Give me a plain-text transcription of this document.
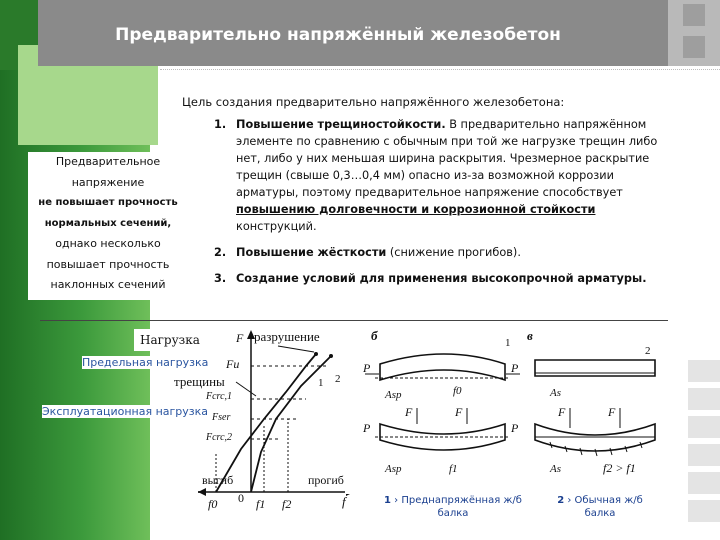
Предварительно напряжённый железобетон
Цель создания предварительно напряжённого железобетона:
1. Повышение трещиностойкости. В предварительно напряжённом элементе по сравнению с обычным при той же нагрузке трещин либо нет, либо у них меньшая ширина раскрытия. Чрезмерное раскрытие трещин (свыше 0,3…0,4 мм) опасно из-за возможной коррозии арматуры, поэтому предварительное напряжение способствует повышению долговечности и коррозионной стойкости конструкций.
2. Повышение жёсткости (снижение прогибов).
3. Создание условий для применения высокопрочной арматуры.
Предварительное
напряжение
не повышает прочность
нормальных сечений,
однако несколько
повышает прочность
наклонных сечений
разрушение
трещины
F
Fu
Fcrc,1
Fser
Fcrc,2
1 2
выгиб	прогиб
f
f0 0 f1 f2
Нагрузка
Предельная нагрузка
Эксплуатационная нагрузка
б	в
P	P
Asp	f0
1
F	F
P	P
Asp	f1
2
As
F	F
As	f2 > f1
1 › Преднапряжённая ж/б балка
2 › Обычная ж/б балка
